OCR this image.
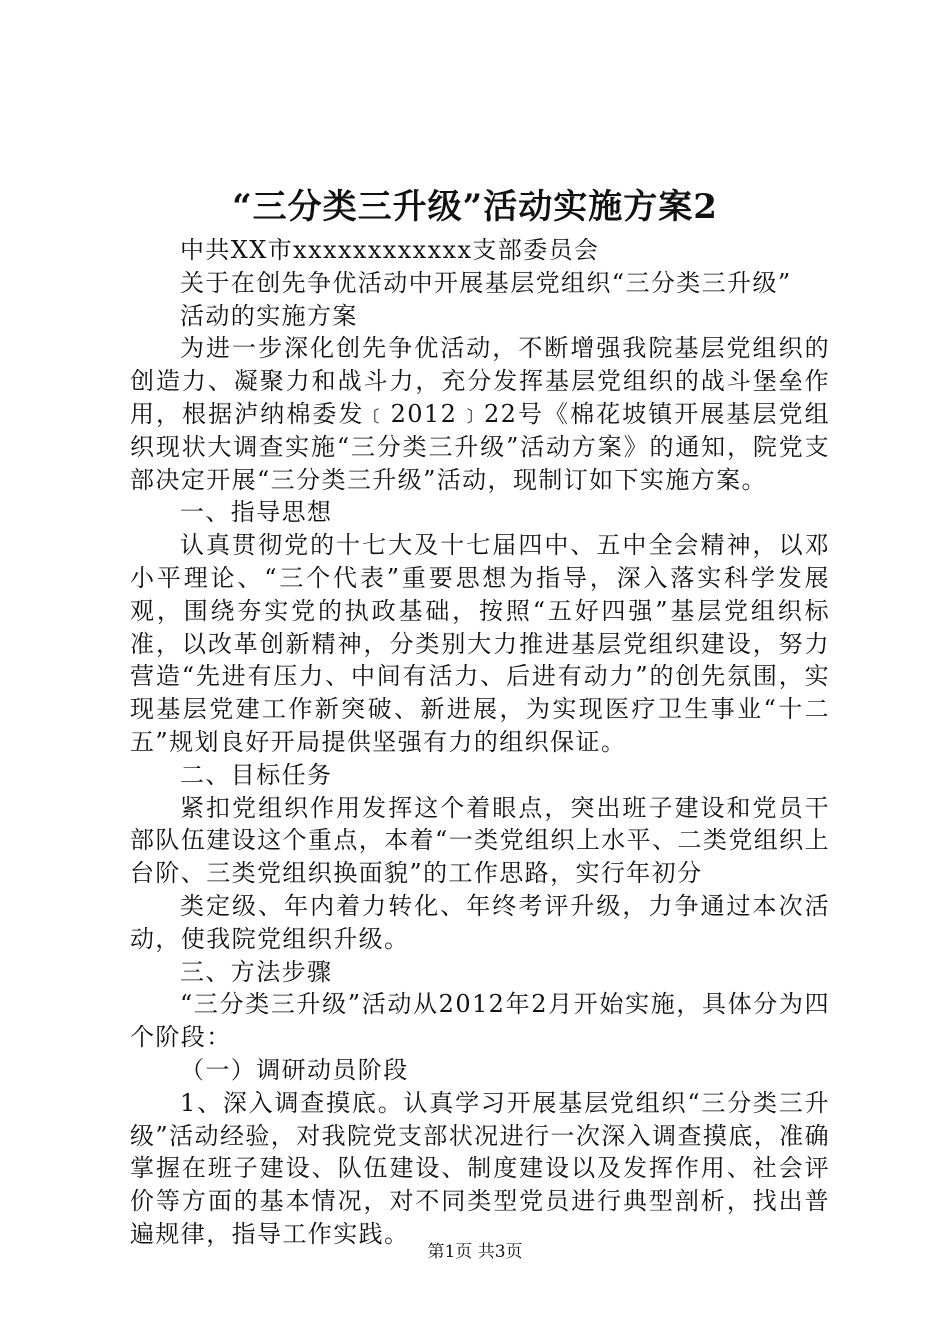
“三分类三升级”活动实施方案2

中共XX市xxxxxxxxxxxx支部委员会

关于在创先争优活动中开展基层党组织“三分类三升级”

活动的实施方案

为进一步深化创先争优活动，不断增强我院基层党组织的创造力、凝聚力和战斗力，充分发挥基层党组织的战斗堡垒作用，根据泸纳棉委发﹝2012﹞22号《棉花坡镇开展基层党组织现状大调查实施“三分类三升级”活动方案》的通知，院党支部决定开展“三分类三升级”活动，现制订如下实施方案。

一、指导思想

认真贯彻党的十七大及十七届四中、五中全会精神，以邓小平理论、“三个代表”重要思想为指导，深入落实科学发展观，围绕夯实党的执政基础，按照“五好四强”基层党组织标准，以改革创新精神，分类别大力推进基层党组织建设，努力营造“先进有压力、中间有活力、后进有动力”的创先氛围，实现基层党建工作新突破、新进展，为实现医疗卫生事业“十二五”规划良好开局提供坚强有力的组织保证。

二、目标任务

紧扣党组织作用发挥这个着眼点，突出班子建设和党员干部队伍建设这个重点，本着“一类党组织上水平、二类党组织上台阶、三类党组织换面貌”的工作思路，实行年初分

类定级、年内着力转化、年终考评升级，力争通过本次活动，使我院党组织升级。

三、方法步骤

“三分类三升级”活动从2012年2月开始实施，具体分为四个阶段：

（一）调研动员阶段

1、深入调查摸底。认真学习开展基层党组织“三分类三升级”活动经验，对我院党支部状况进行一次深入调查摸底，准确掌握在班子建设、队伍建设、制度建设以及发挥作用、社会评价等方面的基本情况，对不同类型党员进行典型剖析，找出普遍规律，指导工作实践。

第1页 共3页
